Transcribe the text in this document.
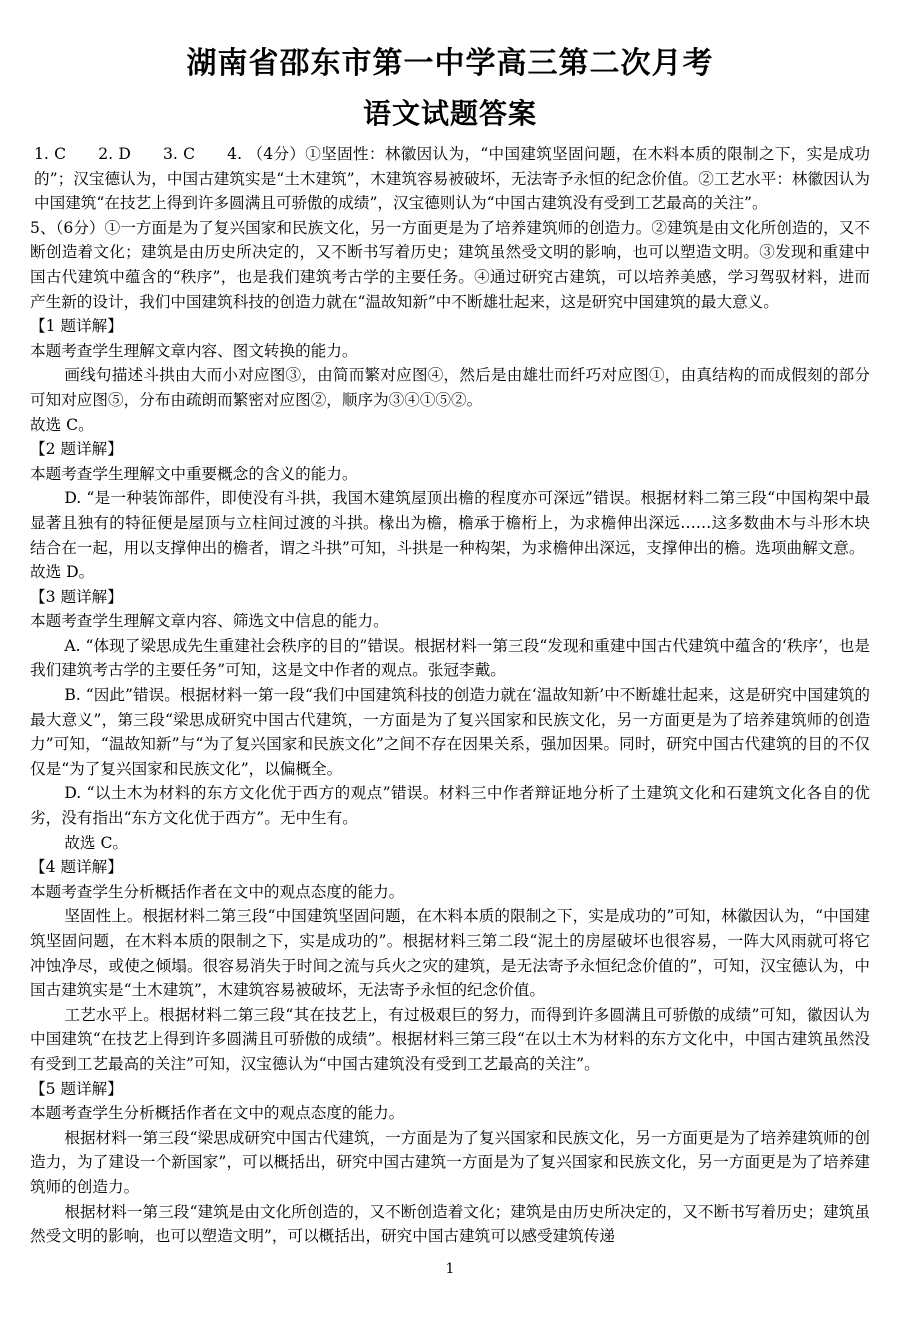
湖南省邵东市第一中学高三第二次月考
语文试题答案

1. C　　2. D　　3. C　　4. （4分）①坚固性：林徽因认为，“中国建筑坚固问题，在木料本质的限制之下，实是成功的”；汉宝德认为，中国古建筑实是“土木建筑”，木建筑容易被破坏，无法寄予永恒的纪念价值。②工艺水平：林徽因认为中国建筑“在技艺上得到许多圆满且可骄傲的成绩”，汉宝德则认为“中国古建筑没有受到工艺最高的关注”。

5、（6分）①一方面是为了复兴国家和民族文化，另一方面更是为了培养建筑师的创造力。②建筑是由文化所创造的，又不断创造着文化；建筑是由历史所决定的，又不断书写着历史；建筑虽然受文明的影响，也可以塑造文明。③发现和重建中国古代建筑中蕴含的“秩序”，也是我们建筑考古学的主要任务。④通过研究古建筑，可以培养美感，学习驾驭材料，进而产生新的设计，我们中国建筑科技的创造力就在“温故知新”中不断雄壮起来，这是研究中国建筑的最大意义。

【1 题详解】

本题考查学生理解文章内容、图文转换的能力。

画线句描述斗拱由大而小对应图③，由简而繁对应图④，然后是由雄壮而纤巧对应图①，由真结构的而成假刻的部分可知对应图⑤，分布由疏朗而繁密对应图②，顺序为③④①⑤②。

故选 C。

【2 题详解】

本题考查学生理解文中重要概念的含义的能力。

D. “是一种装饰部件，即使没有斗拱，我国木建筑屋顶出檐的程度亦可深远”错误。根据材料二第三段“中国构架中最显著且独有的特征便是屋顶与立柱间过渡的斗拱。椽出为檐，檐承于檐桁上，为求檐伸出深远……这多数曲木与斗形木块结合在一起，用以支撑伸出的檐者，谓之斗拱”可知，斗拱是一种构架，为求檐伸出深远，支撑伸出的檐。选项曲解文意。

故选 D。

【3 题详解】

本题考查学生理解文章内容、筛选文中信息的能力。

A. “体现了梁思成先生重建社会秩序的目的”错误。根据材料一第三段“发现和重建中国古代建筑中蕴含的‘秩序’，也是我们建筑考古学的主要任务”可知，这是文中作者的观点。张冠李戴。

B. “因此”错误。根据材料一第一段“我们中国建筑科技的创造力就在‘温故知新’中不断雄壮起来，这是研究中国建筑的最大意义”，第三段“梁思成研究中国古代建筑，一方面是为了复兴国家和民族文化，另一方面更是为了培养建筑师的创造力”可知，“温故知新”与“为了复兴国家和民族文化”之间不存在因果关系，强加因果。同时，研究中国古代建筑的目的不仅仅是“为了复兴国家和民族文化”，以偏概全。

D. “以土木为材料的东方文化优于西方的观点”错误。材料三中作者辩证地分析了土建筑文化和石建筑文化各自的优劣，没有指出“东方文化优于西方”。无中生有。

故选 C。

【4 题详解】

本题考查学生分析概括作者在文中的观点态度的能力。

坚固性上。根据材料二第三段“中国建筑坚固问题，在木料本质的限制之下，实是成功的”可知，林徽因认为，“中国建筑坚固问题，在木料本质的限制之下，实是成功的”。根据材料三第二段“泥土的房屋破坏也很容易，一阵大风雨就可将它冲蚀净尽，或使之倾塌。很容易消失于时间之流与兵火之灾的建筑，是无法寄予永恒纪念价值的”，可知，汉宝德认为，中国古建筑实是“土木建筑”，木建筑容易被破坏，无法寄予永恒的纪念价值。

工艺水平上。根据材料二第三段“其在技艺上，有过极艰巨的努力，而得到许多圆满且可骄傲的成绩”可知，徽因认为中国建筑“在技艺上得到许多圆满且可骄傲的成绩”。根据材料三第三段“在以土木为材料的东方文化中，中国古建筑虽然没有受到工艺最高的关注”可知，汉宝德认为“中国古建筑没有受到工艺最高的关注”。

【5 题详解】

本题考查学生分析概括作者在文中的观点态度的能力。

根据材料一第三段“梁思成研究中国古代建筑，一方面是为了复兴国家和民族文化，另一方面更是为了培养建筑师的创造力，为了建设一个新国家”，可以概括出，研究中国古建筑一方面是为了复兴国家和民族文化，另一方面更是为了培养建筑师的创造力。

根据材料一第三段“建筑是由文化所创造的，又不断创造着文化；建筑是由历史所决定的，又不断书写着历史；建筑虽然受文明的影响，也可以塑造文明”，可以概括出，研究中国古建筑可以感受建筑传递

1
